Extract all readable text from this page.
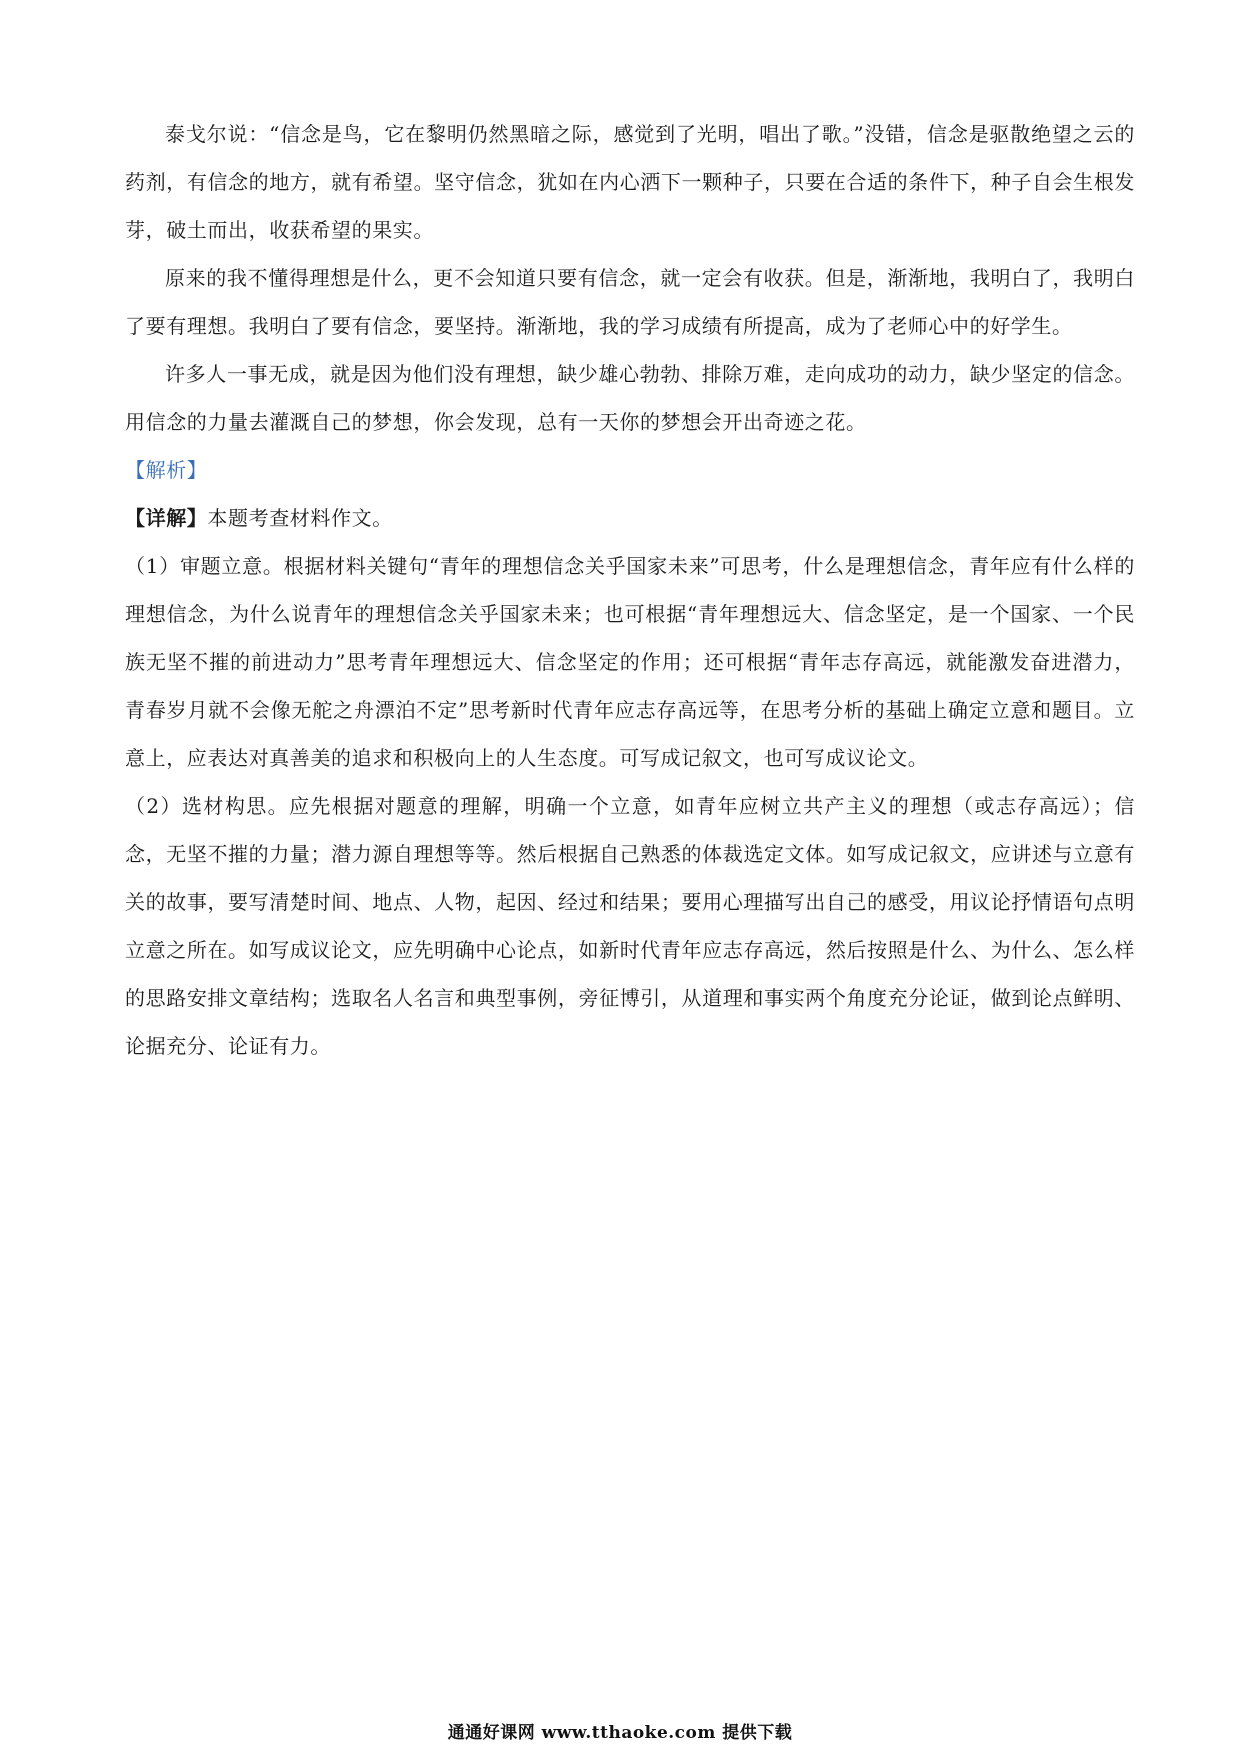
泰戈尔说：“信念是鸟，它在黎明仍然黑暗之际，感觉到了光明，唱出了歌。”没错，信念是驱散绝望之云的药剂，有信念的地方，就有希望。坚守信念，犹如在内心洒下一颗种子，只要在合适的条件下，种子自会生根发芽，破土而出，收获希望的果实。

原来的我不懂得理想是什么，更不会知道只要有信念，就一定会有收获。但是，渐渐地，我明白了，我明白了要有理想。我明白了要有信念，要坚持。渐渐地，我的学习成绩有所提高，成为了老师心中的好学生。

许多人一事无成，就是因为他们没有理想，缺少雄心勃勃、排除万难，走向成功的动力，缺少坚定的信念。用信念的力量去灌溉自己的梦想，你会发现，总有一天你的梦想会开出奇迹之花。

【解析】

【详解】本题考查材料作文。

（1）审题立意。根据材料关键句“青年的理想信念关乎国家未来”可思考，什么是理想信念，青年应有什么样的理想信念，为什么说青年的理想信念关乎国家未来；也可根据“青年理想远大、信念坚定，是一个国家、一个民族无坚不摧的前进动力”思考青年理想远大、信念坚定的作用；还可根据“青年志存高远，就能激发奋进潜力，青春岁月就不会像无舵之舟漂泊不定”思考新时代青年应志存高远等，在思考分析的基础上确定立意和题目。立意上，应表达对真善美的追求和积极向上的人生态度。可写成记叙文，也可写成议论文。

（2）选材构思。应先根据对题意的理解，明确一个立意，如青年应树立共产主义的理想（或志存高远）；信念，无坚不摧的力量；潜力源自理想等等。然后根据自己熟悉的体裁选定文体。如写成记叙文，应讲述与立意有关的故事，要写清楚时间、地点、人物，起因、经过和结果；要用心理描写出自己的感受，用议论抒情语句点明立意之所在。如写成议论文，应先明确中心论点，如新时代青年应志存高远，然后按照是什么、为什么、怎么样的思路安排文章结构；选取名人名言和典型事例，旁征博引，从道理和事实两个角度充分论证，做到论点鲜明、论据充分、论证有力。

通通好课网 www.tthaoke.com 提供下载
